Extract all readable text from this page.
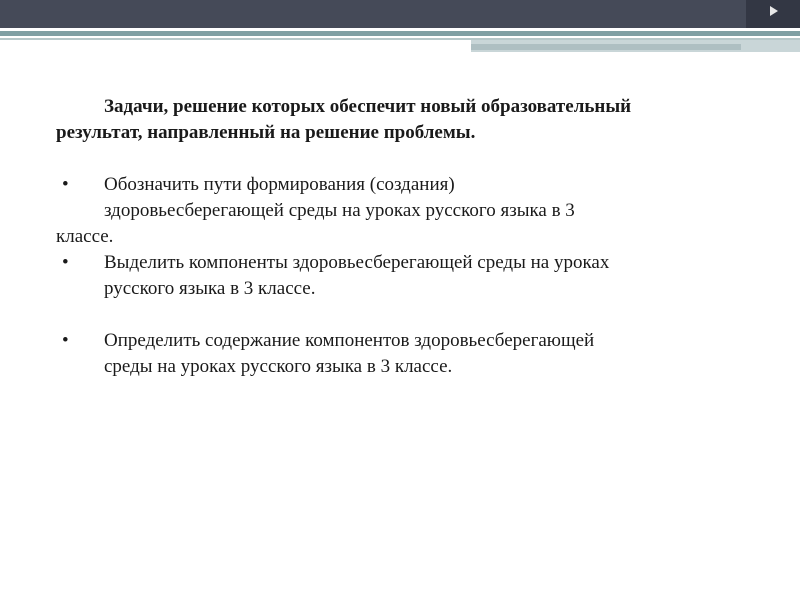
Задачи, решение которых обеспечит новый образовательный
результат, направленный на решение проблемы.
• Обозначить пути формирования (создания)
здоровьесберегающей среды на уроках русского языка в 3
классе.
• Выделить компоненты здоровьесберегающей среды на уроках
русского языка в 3 классе.
• Определить содержание компонентов здоровьесберегающей
среды на уроках русского языка в 3 классе.
